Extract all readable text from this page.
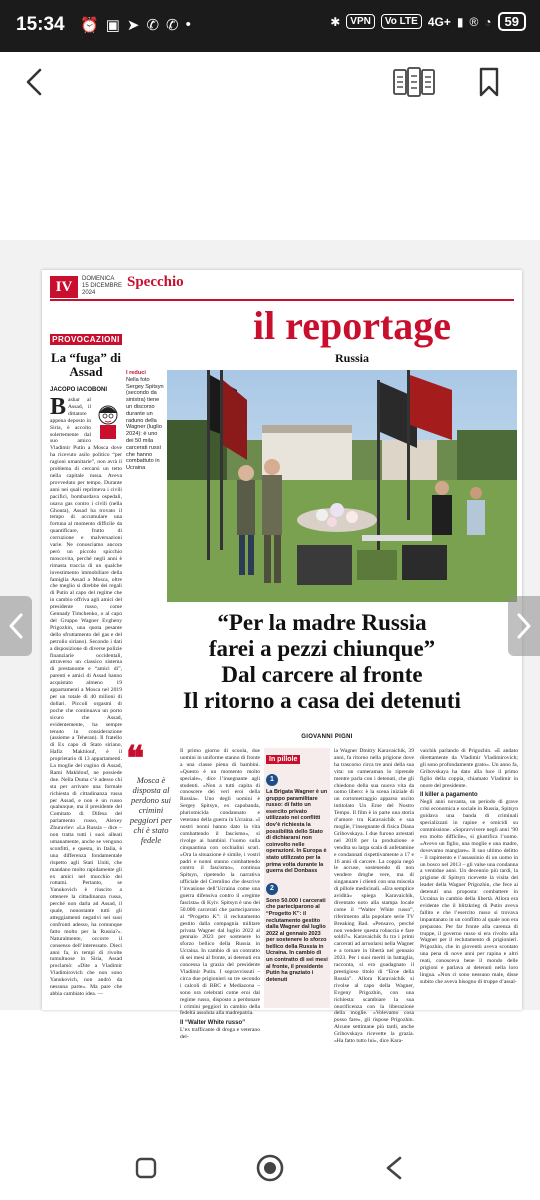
15:34 ⏰ ▣ ➤ ✆ ✆ •	✱	VPN	Vo LTE 4G+ ▮ ® ◔	59
IV	DOMENICA
15 DICEMBRE 2024
Specchio
il reportage
Russia
PROVOCAZIONI
La “fuga” di Assad
JACOPO IACOBONI
B ashar al Assad, il dittatore appena deposto in Siria, è accolto solertemente dal suo amico Vladimir Putin a Mosca dove ha ricevuto asilo politico “per ragioni umanitarie”, non avrà il problema di cercarsi un tetto nella capitale russa. Aveva provveduto per tempo. Durante anni nei quali reprimeva i civili pacifici, bombardava ospedali, usava gas contro i civili (nella Ghouta), Assad ha trovato il tempo di accumulare una fortuna al momento difficile da quantificare, frutto di corruzione e malversazioni varie. Ne conosciamo ancora però un piccolo spicchio moscovita, perché negli anni è rimasta traccia di un qualche investimento immobiliare della famiglia Assad a Mosca, oltre che meglio si direbbe dei regali di Putin al capo del regime che in cambio offriva agli amici del presidente russo, come Gennady Timchenko, o al capo del Gruppo Wagner Evgheny Prigozhin, una quota pesante dello sfruttamento del gas e del petrolio siriano). Secondo i dati a disposizione di diverse polizie finanziarie occidentali, attraverso un classico sistema di prestanome e “amici di”, parenti e amici di Assad hanno acquistato almeno 19 appartamenti a Mosca nel 2019 per un totale di 40 milioni di dollari. Piccoli orgasmi di poche che continuava un porto sicuro che Assad, evidentemente, ha sempre tenuto in considerazione (assieme a Teheran). Il fratello di Ex capo di Stato siriano, Hafiz Makhlouf, è il proprietario di 13 appartamenti. La moglie del cugino di Assad, Rami Makhlouf, ne possiede due. Nella Duma c’è adesso chi sta per arrivare una formale richiesta di cittadinanza russa per Assad, e non è un russo qualunque, ma il presidente del Comitato di Difesa del parlamento russo, Alexey Zhuravlev: «La Russia – dice – non tratta tutti i suoi alleati umanamente, anche se vengono sconfitti, e questa, in Italia, è una differenza fondamentale rispetto agli Stati Uniti, che mandano molto rapidamente gli ex amici nel mucchio dei rottami. Pertanto, se Yanukovich è riuscito a ottenere la cittadinanza russa, perché non darla ad Assad, il quale, nonostante tutti gli atteggiamenti negativi nei suoi confronti adesso, ha comunque fatto molto per la Russia?». Naturalmente, occorre il consenso dell’interessato. Dieci anni fa, in tempi di rivolte tumultuose in Siria, Assad proclamò: «Dite a Vladimir Vladimirovich che non sono Yanukovich, non andrò da nessuna parte». Ma pare che abbia cambiato idea. —
I reduci
Nella foto Sergey Spitsyn (secondo da sinistra) tiene un discorso durante un raduno della Wagner (luglio 2024): è uno dei 50 mila carcerati russi che hanno combattuto in Ucraina
“Per la madre Russia
farei a pezzi chiunque”
Dal carcere al fronte
Il ritorno a casa dei detenuti
GIOVANNI PIGNI
❝
Mosca è disposta al perdono sui crimini peggiori per chi è stato fedele
Il primo giorno di scuola, due uomini in uniforme stanno di fronte a una classe piena di bambini. «Questo è un momento molto speciale», dice l’insegnante agli studenti. «Non a tutti capita di conoscere dei veri eroi della Russia». Uno degli uomini è Sergey Spitsyn, ex capobanda, pluriomicida condannato e veterano della guerra in Ucraina. «I nostri nonni hanno dato la vita combattendo il fascismo», si rivolge ai bambini l’uomo sulla cinquantina con occhialini scuri. «Ora la situazione è simile, i vostri padri e nonni stanno combattendo contro il fascismo», continua Spitsyn, ripetendo la narrativa ufficiale del Cremlino che descrive l’invasione dell’Ucraina come una guerra difensiva contro il «regime fascista» di Kyiv. Spitsyn è uno dei 50.000 carcerati che parteciparono al “Progetto K”: il reclutamento gestito dalla compagnia militare privata Wagner dal luglio 2022 al gennaio 2023 per sostenere lo sforzo bellico della Russia in Ucraina. In cambio di un contratto di sei mesi al fronte, ai detenuti era concessa la grazia del presidente Vladimir Putin. I sopravvissuti – circa due prigionieri su tre secondo i calcoli di BBC e Mediazona – sono ora celebrati come eroi dal regime russo, disposto a perdonare i crimini peggiori in cambio della fedeltà assoluta alla madrepatria.
Il “Walter White russo”
L’ex trafficante di droga e veterano del-
In pillole
1
La Brigata Wagner è un gruppo paramilitare russo: di fatto un esercito privato utilizzato nei conflitti dov’è richiesta la possibilità dello Stato di dichiararsi non coinvolto nelle operazioni. In Europa è stato utilizzato per la prima volta durante la guerra del Donbass
2
Sono 50.000 i carcerati che parteciparono al “Progetto K”: il reclutamento gestito dalla Wagner dal luglio 2022 al gennaio 2023 per sostenere lo sforzo bellico della Russia in Ucraina. In cambio di un contratto di sei mesi al fronte, il presidente Putin ha graziato i detenuti
la Wagner Dmitry Karavaichik, 39 anni, fa ritorno nella prigione dove ha trascorso circa tre anni della sua vita: un cameraman lo riprende mentre parla con i detenuti, che gli chiedono della sua nuova vita da uomo libero: è la scena iniziale di un cortometraggio apparso uscito intitolato Un Eroe del Nostro Tempo. Il film è in parte una storia d’amore tra Karavaichik e sua moglie, l’insegnante di fisica Diana Gribovskaya. I due furono arrestati nel 2018 per la produzione e vendita su larga scala di anfetamine e condannati rispettivamente a 17 e 16 anni di carcere. La coppia negò le accuse, sostenendo di non vendere droghe vere, ma di singanuare i clienti con una miscela di pillole medicinali. «Era semplice avidità» spiega Karavaichik, diventato noto alla stampa locale come il “Walter White russo”, riferimento alla popolare serie TV Breaking Bad. «Pensavo, perché non vendere questa robaccia e fare soldi?». Karavaichik fu tra i primi carcerati ad arruolarsi nella Wagner e a tornare in libertà nel gennaio 2023. Per i suoi meriti in battaglia, racconta, si era guadagnato il prestigioso titolo di “Eroe della Russia”. Allora Karavaichik si rivolse al capo della Wagner, Evgeny Prigozhin, con una richiesta: scambiare la sua onorificenza con la liberazione della moglie. «Volevamo cosa posso fare», gli rispose Prigozhin. Alcune settimane più tardi, anche Gribovskaya ricevette la grazia. «Ha fatto tutto lui», dice Kara-
vaichik parlando di Prigozhin. «E andato direttamente da Vladimir Vladimirovich; gli sono profondamente grato». Un anno fa, Gribovskaya ha dato alla luce il primo figlio della coppia, chiamato Vladimir in onore del presidente.
Il killer a pagamento
Negli anni novanta, un periodo di grave crisi economica e sociale in Russia, Spitsyn guidava una banda di criminali specializzati in rapine e omicidi su commissione. «Sopravvivere negli anni ’90 era molto difficile», si giustifica l’uomo. «Avevo un figlio, una moglie e una madre, dovevamo mangiare». Il suo ultimo delitto – il rapimento e l’assassinio di un uomo in un bosco nel 2013 – gli valse una condanna a ventidue anni. Un decennio più tardi, la prigione di Spitsyn ricevette la visita del leader della Wagner Prigozhin, che fece ai detenuti una proposta: combattere in Ucraina in cambio della libertà. Allora era evidente che il blitzkrieg di Putin aveva fallito e che l’esercito russo si trovava impantanato in un conflitto al quale non era preparato. Per far fronte alla carenza di truppe, il governo russo si era rivolto alla Wagner per il reclutamento di prigionieri. Prigozhin, che in gioventù aveva scontato una pena di nove anni per rapina e altri reati, conosceva bene il mondo delle prigioni e parlava ai detenuti nella loro lingua. «Non ci sono nessuno male, disse subito che aveva bisogno di truppe d’assal-
